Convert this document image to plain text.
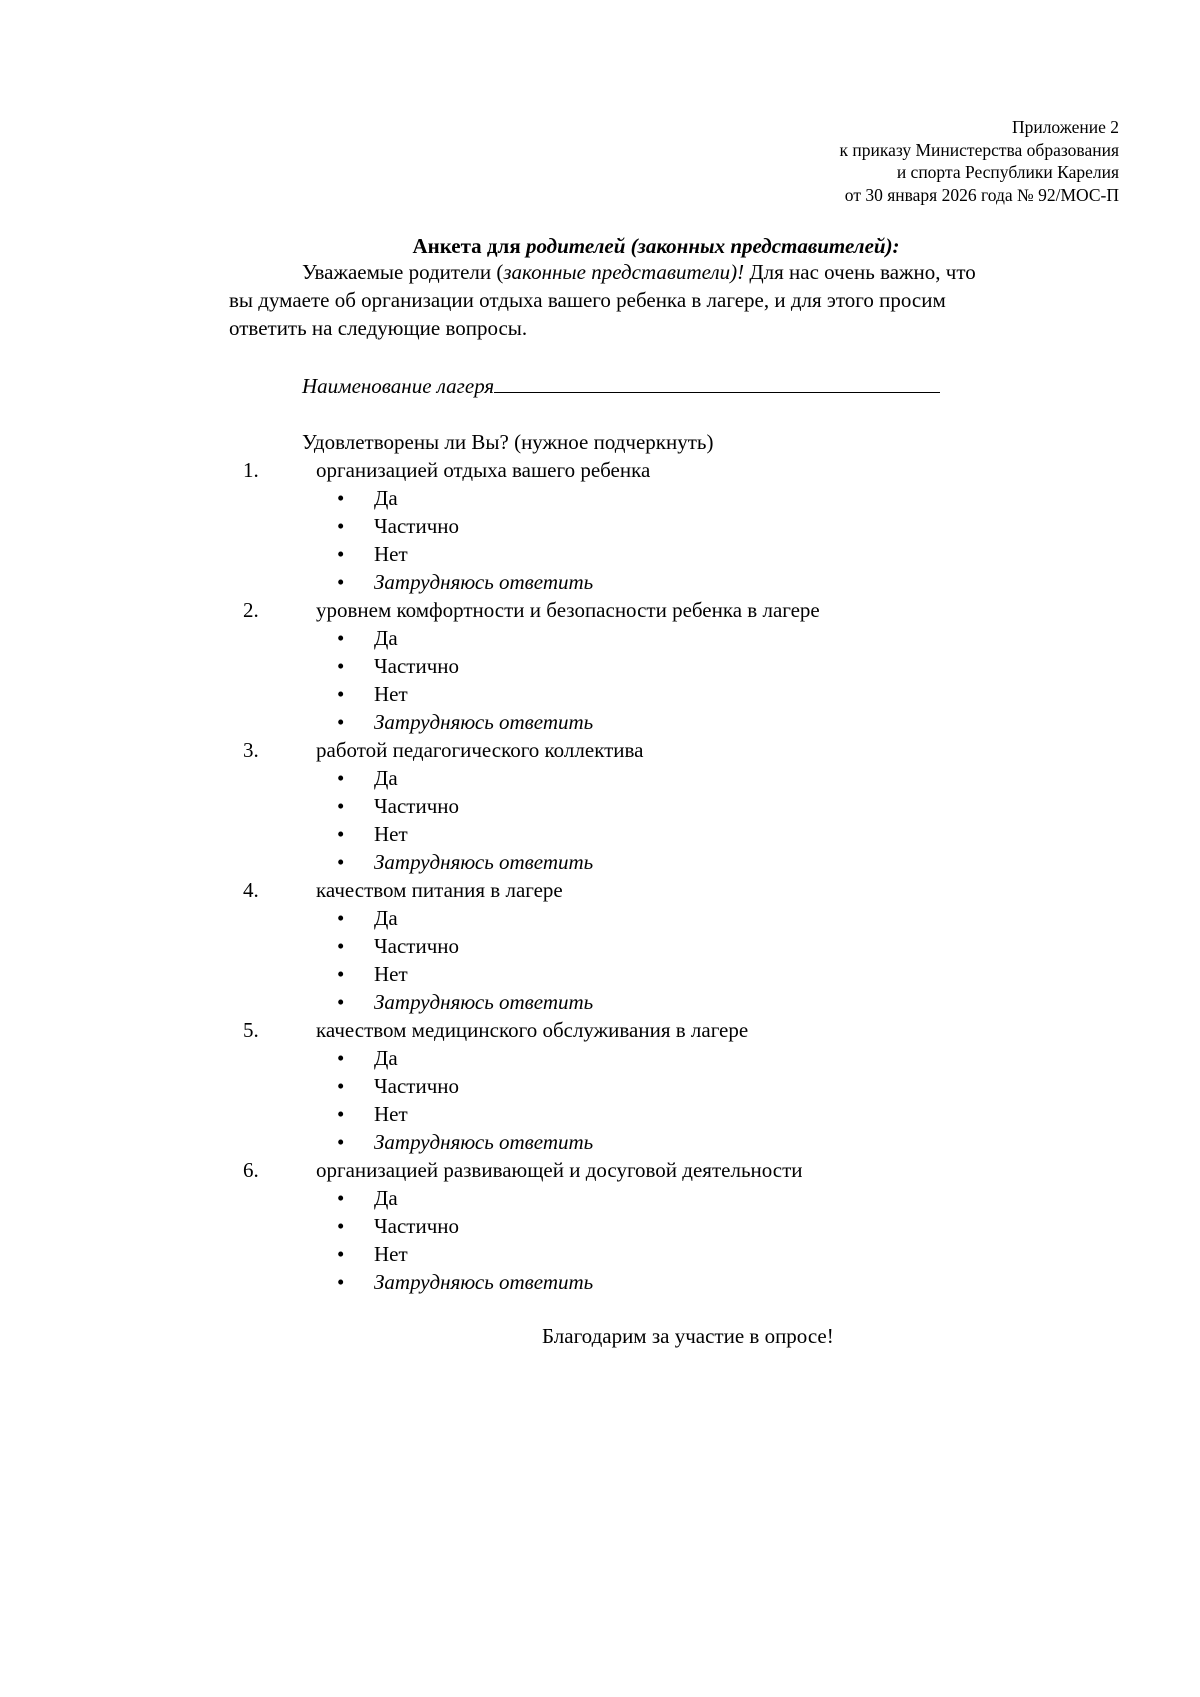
Приложение 2
к приказу Министерства образования
и спорта Республики Карелия
от 30 января 2026 года № 92/МОС-П
Анкета для родителей (законных представителей):
Уважаемые родители (законные представители)! Для нас очень важно, что
вы думаете об организации отдыха вашего ребенка в лагере, и для этого просим
ответить на следующие вопросы.
Наименование лагеря
Удовлетворены ли Вы? (нужное подчеркнуть)
1.	организацией отдыха вашего ребенка
• Да
• Частично
• Нет
• Затрудняюсь ответить
2.	уровнем комфортности и безопасности ребенка в лагере
• Да
• Частично
• Нет
• Затрудняюсь ответить
3.	работой педагогического коллектива
• Да
• Частично
• Нет
• Затрудняюсь ответить
4.	качеством питания в лагере
• Да
• Частично
• Нет
• Затрудняюсь ответить
5.	качеством медицинского обслуживания в лагере
• Да
• Частично
• Нет
• Затрудняюсь ответить
6.	организацией развивающей и досуговой деятельности
• Да
• Частично
• Нет
• Затрудняюсь ответить
Благодарим за участие в опросе!
